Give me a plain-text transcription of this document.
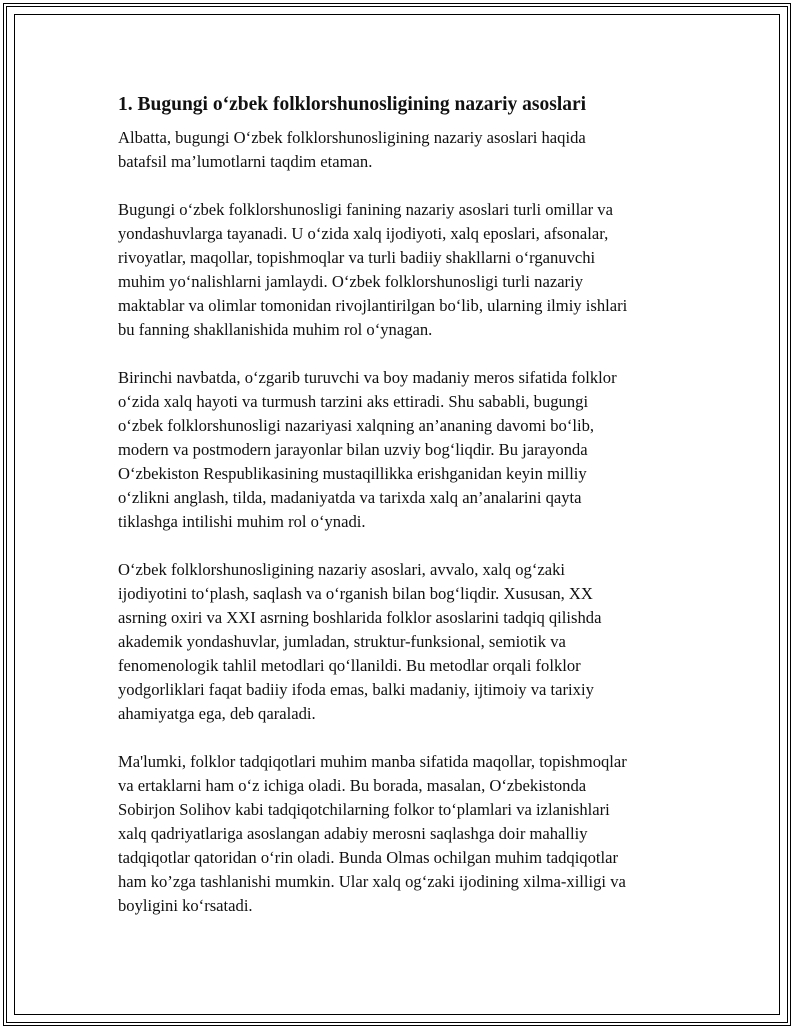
1. Bugungi o‘zbek folklorshunosligining nazariy asoslari
Albatta, bugungi O‘zbek folklorshunosligining nazariy asoslari haqida
batafsil ma’lumotlarni taqdim etaman.
Bugungi o‘zbek folklorshunosligi fanining nazariy asoslari turli omillar va
yondashuvlarga tayanadi. U o‘zida xalq ijodiyoti, xalq eposlari, afsonalar,
rivoyatlar, maqollar, topishmoqlar va turli badiiy shakllarni o‘rganuvchi
muhim yo‘nalishlarni jamlaydi. O‘zbek folklorshunosligi turli nazariy
maktablar va olimlar tomonidan rivojlantirilgan bo‘lib, ularning ilmiy ishlari
bu fanning shakllanishida muhim rol o‘ynagan.
Birinchi navbatda, o‘zgarib turuvchi va boy madaniy meros sifatida folklor
o‘zida xalq hayoti va turmush tarzini aks ettiradi. Shu sababli, bugungi
o‘zbek folklorshunosligi nazariyasi xalqning an’ananing davomi bo‘lib,
modern va postmodern jarayonlar bilan uzviy bog‘liqdir. Bu jarayonda
O‘zbekiston Respublikasining mustaqillikka erishganidan keyin milliy
o‘zlikni anglash, tilda, madaniyatda va tarixda xalq an’analarini qayta
tiklashga intilishi muhim rol o‘ynadi.
O‘zbek folklorshunosligining nazariy asoslari, avvalo, xalq og‘zaki
ijodiyotini to‘plash, saqlash va o‘rganish bilan bog‘liqdir. Xususan, XX
asrning oxiri va XXI asrning boshlarida folklor asoslarini tadqiq qilishda
akademik yondashuvlar, jumladan, struktur-funksional, semiotik va
fenomenologik tahlil metodlari qo‘llanildi. Bu metodlar orqali folklor
yodgorliklari faqat badiiy ifoda emas, balki madaniy, ijtimoiy va tarixiy
ahamiyatga ega, deb qaraladi.
Ma'lumki, folklor tadqiqotlari muhim manba sifatida maqollar, topishmoqlar
va ertaklarni ham o‘z ichiga oladi. Bu borada, masalan, O‘zbekistonda
Sobirjon Solihov kabi tadqiqotchilarning folkor to‘plamlari va izlanishlari
xalq qadriyatlariga asoslangan adabiy merosni saqlashga doir mahalliy
tadqiqotlar qatoridan o‘rin oladi. Bunda Olmas ochilgan muhim tadqiqotlar
ham ko’zga tashlanishi mumkin. Ular xalq og‘zaki ijodining xilma-xilligi va
boyligini ko‘rsatadi.
